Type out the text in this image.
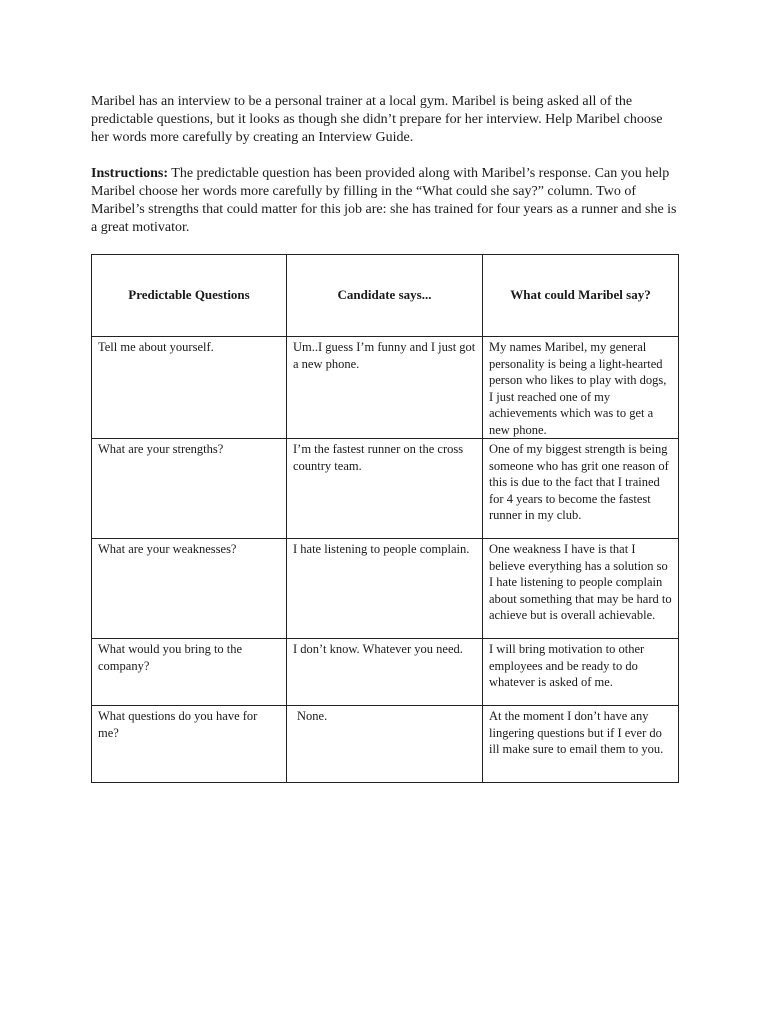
Maribel has an interview to be a personal trainer at a local gym. Maribel is being asked all of the predictable questions, but it looks as though she didn’t prepare for her interview. Help Maribel choose her words more carefully by creating an Interview Guide.

Instructions: The predictable question has been provided along with Maribel’s response. Can you help Maribel choose her words more carefully by filling in the “What could she say?” column. Two of Maribel’s strengths that could matter for this job are: she has trained for four years as a runner and she is a great motivator.

Predictable Questions	Candidate says...	What could Maribel say?
Tell me about yourself.	Um..I guess I’m funny and I just got a new phone.	My names Maribel, my general personality is being a light-hearted person who likes to play with dogs, I just reached one of my achievements which was to get a new phone.
What are your strengths?	I’m the fastest runner on the cross country team.	One of my biggest strength is being someone who has grit one reason of this is due to the fact that I trained for 4 years to become the fastest runner in my club.
What are your weaknesses?	I hate listening to people complain.	One weakness I have is that I believe everything has a solution so I hate listening to people complain about something that may be hard to achieve but is overall achievable.
What would you bring to the company?	I don’t know. Whatever you need.	I will bring motivation to other employees and be ready to do whatever is asked of me.
What questions do you have for me?	None.	At the moment I don’t have any lingering questions but if I ever do ill make sure to email them to you.
